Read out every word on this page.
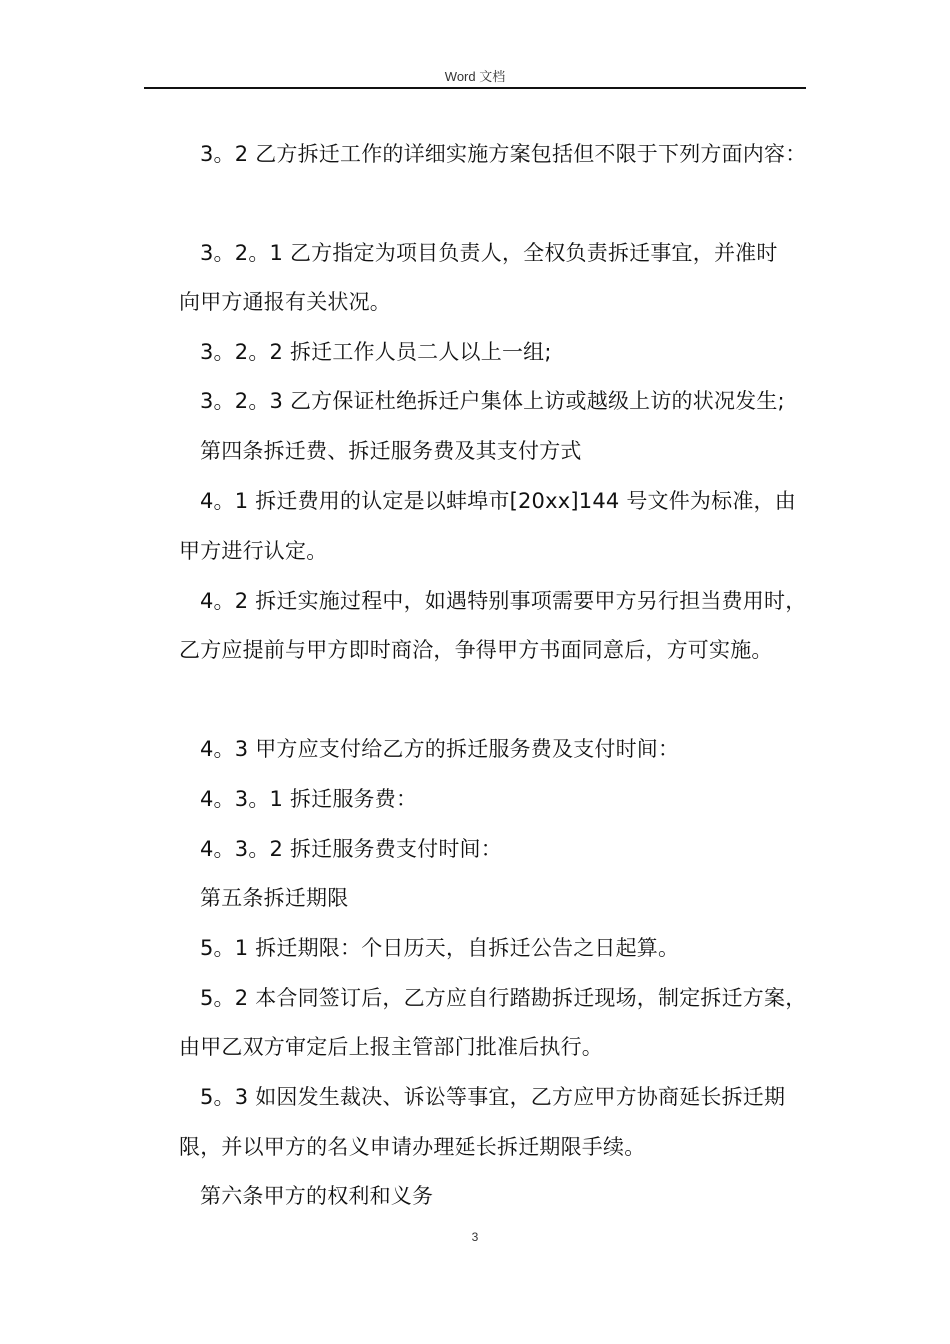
Word 文档
3。2 乙方拆迁工作的详细实施方案包括但不限于下列方面内容：
3。2。1 乙方指定为项目负责人，全权负责拆迁事宜，并准时
向甲方通报有关状况。
3。2。2 拆迁工作人员二人以上一组;
3。2。3 乙方保证杜绝拆迁户集体上访或越级上访的状况发生;
第四条拆迁费、拆迁服务费及其支付方式
4。1 拆迁费用的认定是以蚌埠市[20xx]144 号文件为标准，由
甲方进行认定。
4。2 拆迁实施过程中，如遇特别事项需要甲方另行担当费用时，
乙方应提前与甲方即时商洽，争得甲方书面同意后，方可实施。
4。3 甲方应支付给乙方的拆迁服务费及支付时间：
4。3。1 拆迁服务费：
4。3。2 拆迁服务费支付时间：
第五条拆迁期限
5。1 拆迁期限：个日历天，自拆迁公告之日起算。
5。2 本合同签订后，乙方应自行踏勘拆迁现场，制定拆迁方案，
由甲乙双方审定后上报主管部门批准后执行。
5。3 如因发生裁决、诉讼等事宜，乙方应甲方协商延长拆迁期
限，并以甲方的名义申请办理延长拆迁期限手续。
第六条甲方的权利和义务
3
